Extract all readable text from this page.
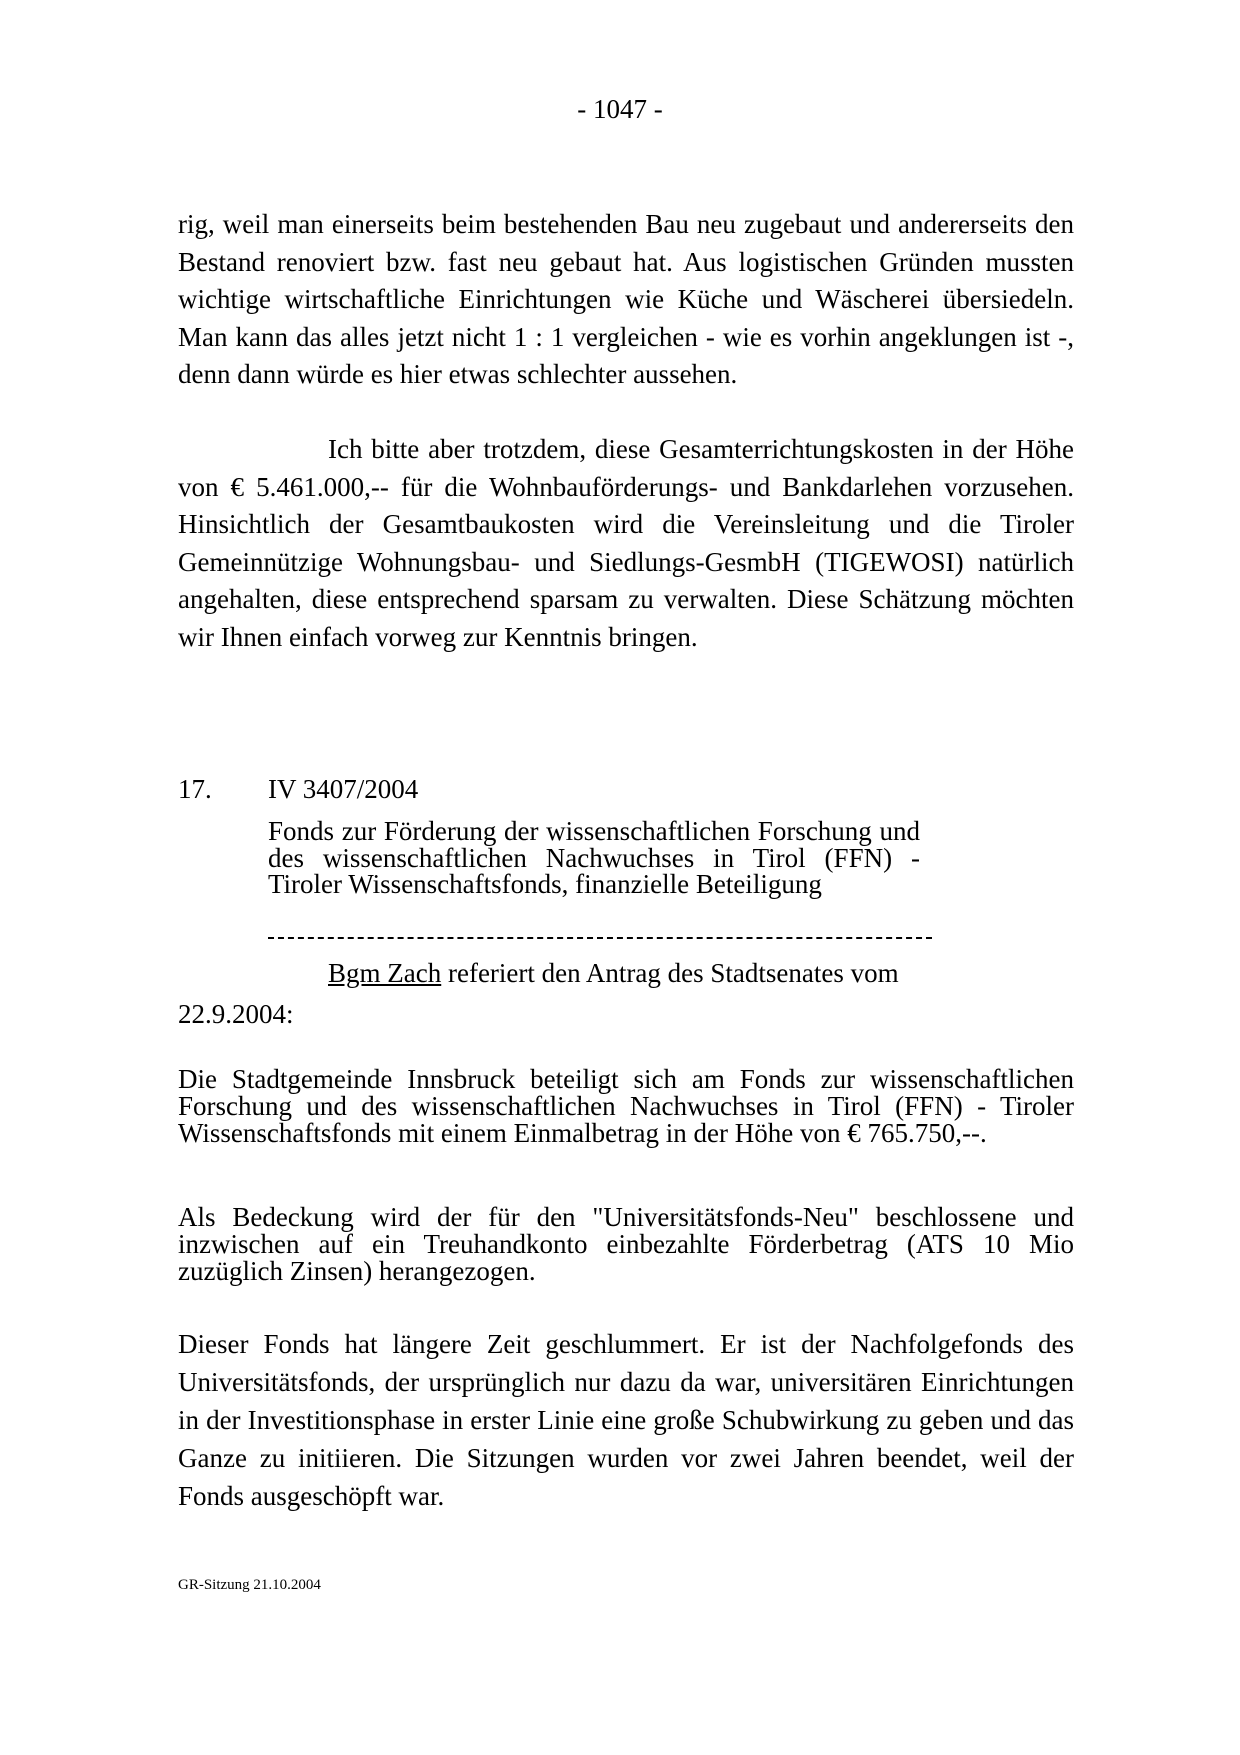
- 1047 -

rig, weil man einerseits beim bestehenden Bau neu zugebaut und andererseits den Bestand renoviert bzw. fast neu gebaut hat. Aus logistischen Gründen mussten wichtige wirtschaftliche Einrichtungen wie Küche und Wäscherei übersiedeln. Man kann das alles jetzt nicht 1 : 1 vergleichen - wie es vorhin angeklungen ist -, denn dann würde es hier etwas schlechter aussehen.

Ich bitte aber trotzdem, diese Gesamterrichtungskosten in der Höhe von € 5.461.000,-- für die Wohnbauförderungs- und Bankdarlehen vorzusehen. Hinsichtlich der Gesamtbaukosten wird die Vereinsleitung und die Tiroler Gemeinnützige Wohnungsbau- und Siedlungs-GesmbH (TIGEWOSI) natürlich angehalten, diese entsprechend sparsam zu verwalten. Diese Schätzung möchten wir Ihnen einfach vorweg zur Kenntnis bringen.

17. IV 3407/2004
Fonds zur Förderung der wissenschaftlichen Forschung und des wissenschaftlichen Nachwuchses in Tirol (FFN) - Tiroler Wissenschaftsfonds, finanzielle Beteiligung
Bgm Zach referiert den Antrag des Stadtsenates vom
22.9.2004:

Die Stadtgemeinde Innsbruck beteiligt sich am Fonds zur wissenschaftlichen Forschung und des wissenschaftlichen Nachwuchses in Tirol (FFN) - Tiroler Wissenschaftsfonds mit einem Einmalbetrag in der Höhe von € 765.750,--.

Als Bedeckung wird der für den "Universitätsfonds-Neu" beschlossene und inzwischen auf ein Treuhandkonto einbezahlte Förderbetrag (ATS 10 Mio zuzüglich Zinsen) herangezogen.

Dieser Fonds hat längere Zeit geschlummert. Er ist der Nachfolgefonds des Universitätsfonds, der ursprünglich nur dazu da war, universitären Einrichtungen in der Investitionsphase in erster Linie eine große Schubwirkung zu geben und das Ganze zu initiieren. Die Sitzungen wurden vor zwei Jahren beendet, weil der Fonds ausgeschöpft war.

GR-Sitzung 21.10.2004
